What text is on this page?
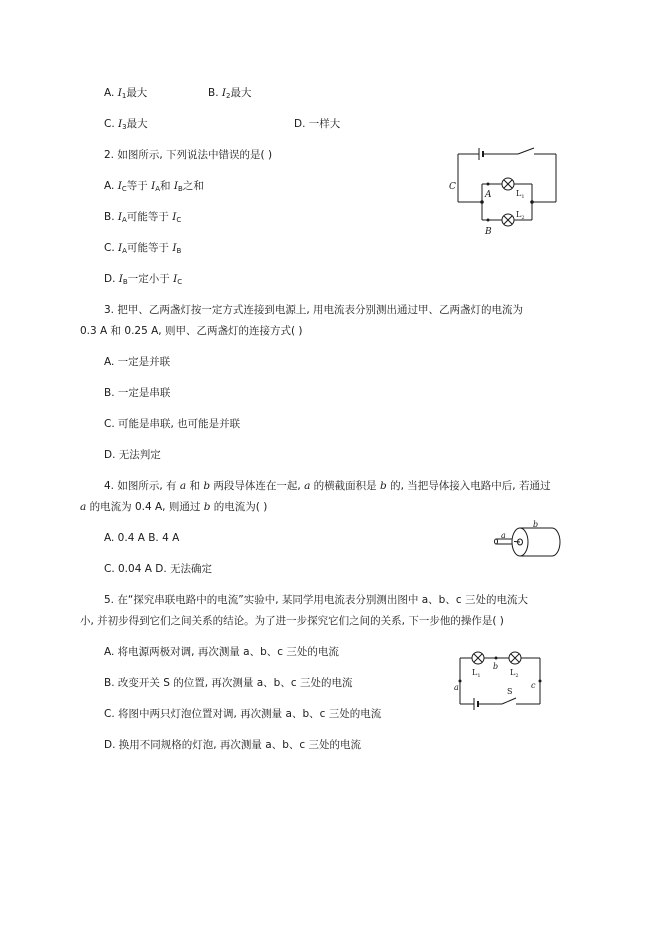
A. $I_1$最大	B. $I_2$最大
C. $I_3$最大	D. 一样大
2. 如图所示, 下列说法中错误的是( )
A. $I_C$等于 $I_A$和 $I_B$之和
B. $I_A$可能等于 $I_C$
C. $I_A$可能等于 $I_B$
D. $I_B$一定小于 $I_C$
C
A
B
$L_1$
$L_2$
3. 把甲、乙两盏灯按一定方式连接到电源上, 用电流表分别测出通过甲、乙两盏灯的电流为
0.3 A 和 0.25 A, 则甲、乙两盏灯的连接方式( )
A. 一定是并联
B. 一定是串联
C. 可能是串联, 也可能是并联
D. 无法判定
4. 如图所示, 有 a 和 b 两段导体连在一起, a 的横截面积是 b 的, 当把导体接入电路中后, 若通过
a 的电流为 0.4 A, 则通过 b 的电流为( )
A. 0.4 A B. 4 A
C. 0.04 A D. 无法确定
a
b
5. 在“探究串联电路中的电流”实验中, 某同学用电流表分别测出图中 a、b、c 三处的电流大
小, 并初步得到它们之间关系的结论。为了进一步探究它们之间的关系, 下一步他的操作是( )
A. 将电源两极对调, 再次测量 a、b、c 三处的电流
B. 改变开关 S 的位置, 再次测量 a、b、c 三处的电流
C. 将图中两只灯泡位置对调, 再次测量 a、b、c 三处的电流
D. 换用不同规格的灯泡, 再次测量 a、b、c 三处的电流
a
b
c
S
$L_1$	$L_2$
